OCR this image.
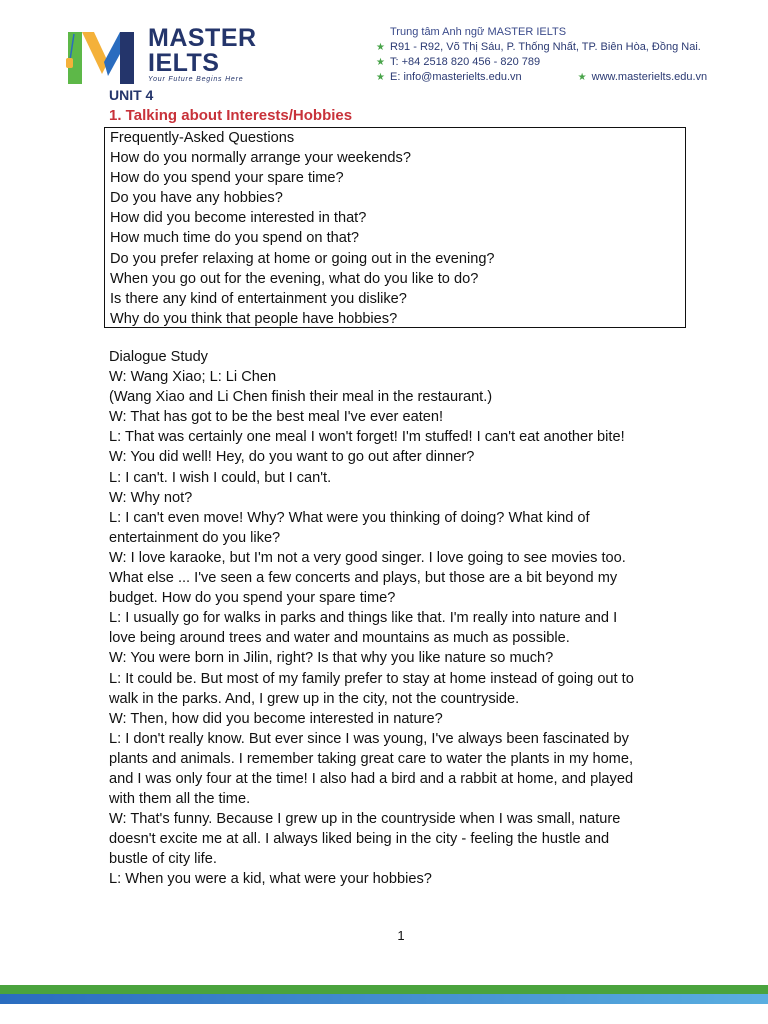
MASTER
IELTS
Your Future Begins Here
Trung tâm Anh ngữ MASTER IELTS
★ R91 - R92, Võ Thị Sáu, P. Thống Nhất, TP. Biên Hòa, Đồng Nai.
★ T: +84 2518 820 456 - 820 789
★ E: info@masterielts.edu.vn	★ www.masterielts.edu.vn

UNIT 4

1. Talking about Interests/Hobbies

Frequently-Asked Questions

How do you normally arrange your weekends?

How do you spend your spare time?

Do you have any hobbies?

How did you become interested in that?

How much time do you spend on that?

Do you prefer relaxing at home or going out in the evening?

When you go out for the evening, what do you like to do?

Is there any kind of entertainment you dislike?

Why do you think that people have hobbies?

Dialogue Study

W: Wang Xiao; L: Li Chen

(Wang Xiao and Li Chen finish their meal in the restaurant.)

W: That has got to be the best meal I've ever eaten!

L: That was certainly one meal I won't forget! I'm stuffed! I can't eat another bite!

W: You did well! Hey, do you want to go out after dinner?

L: I can't. I wish I could, but I can't.

W: Why not?

L: I can't even move! Why? What were you thinking of doing? What kind of

entertainment do you like?

W: I love karaoke, but I'm not a very good singer. I love going to see movies too.

What else ... I've seen a few concerts and plays, but those are a bit beyond my

budget. How do you spend your spare time?

L: I usually go for walks in parks and things like that. I'm really into nature and I

love being around trees and water and mountains as much as possible.

W: You were born in Jilin, right? Is that why you like nature so much?

L: It could be. But most of my family prefer to stay at home instead of going out to

walk in the parks. And, I grew up in the city, not the countryside.

W: Then, how did you become interested in nature?

L: I don't really know. But ever since I was young, I've always been fascinated by

plants and animals. I remember taking great care to water the plants in my home,

and I was only four at the time! I also had a bird and a rabbit at home, and played

with them all the time.

W: That's funny. Because I grew up in the countryside when I was small, nature

doesn't excite me at all. I always liked being in the city - feeling the hustle and

bustle of city life.

L: When you were a kid, what were your hobbies?

1
